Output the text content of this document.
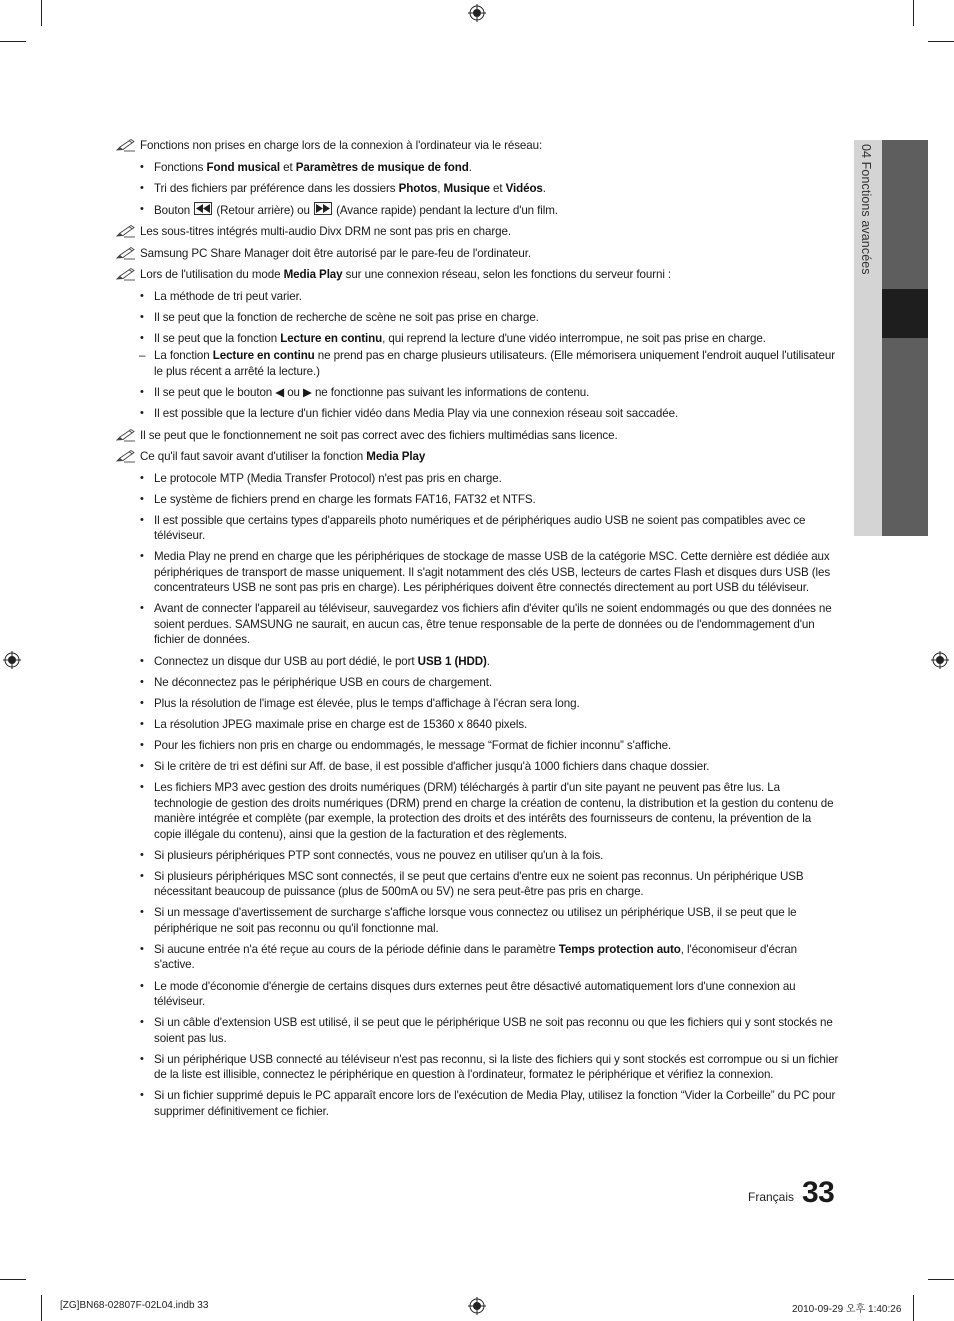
04 Fonctions avancées
Fonctions non prises en charge lors de la connexion à l'ordinateur via le réseau:
• Fonctions Fond musical et Paramètres de musique de fond.
• Tri des fichiers par préférence dans les dossiers Photos, Musique et Vidéos.
• Bouton
(Retour arrière) ou
(Avance rapide) pendant la lecture d'un film.
Les sous-titres intégrés multi-audio Divx DRM ne sont pas pris en charge.
Samsung PC Share Manager doit être autorisé par le pare-feu de l'ordinateur.
Lors de l'utilisation du mode Media Play sur une connexion réseau, selon les fonctions du serveur fourni :
• La méthode de tri peut varier.
• Il se peut que la fonction de recherche de scène ne soit pas prise en charge.
• Il se peut que la fonction Lecture en continu, qui reprend la lecture d'une vidéo interrompue, ne soit pas prise en charge.
– La fonction Lecture en continu ne prend pas en charge plusieurs utilisateurs. (Elle mémorisera uniquement l'endroit auquel l'utilisateur le plus récent a arrêté la lecture.)
• Il se peut que le bouton ◀ ou ▶ ne fonctionne pas suivant les informations de contenu.
• Il est possible que la lecture d'un fichier vidéo dans Media Play via une connexion réseau soit saccadée.
Il se peut que le fonctionnement ne soit pas correct avec des fichiers multimédias sans licence.
Ce qu'il faut savoir avant d'utiliser la fonction Media Play
• Le protocole MTP (Media Transfer Protocol) n'est pas pris en charge.
• Le système de fichiers prend en charge les formats FAT16, FAT32 et NTFS.
• Il est possible que certains types d'appareils photo numériques et de périphériques audio USB ne soient pas compatibles avec ce téléviseur.
• Media Play ne prend en charge que les périphériques de stockage de masse USB de la catégorie MSC. Cette dernière est dédiée aux périphériques de transport de masse uniquement. Il s'agit notamment des clés USB, lecteurs de cartes Flash et disques durs USB (les concentrateurs USB ne sont pas pris en charge). Les périphériques doivent être connectés directement au port USB du téléviseur.
• Avant de connecter l'appareil au téléviseur, sauvegardez vos fichiers afin d'éviter qu'ils ne soient endommagés ou que des données ne soient perdues. SAMSUNG ne saurait, en aucun cas, être tenue responsable de la perte de données ou de l'endommagement d'un fichier de données.
• Connectez un disque dur USB au port dédié, le port USB 1 (HDD).
• Ne déconnectez pas le périphérique USB en cours de chargement.
• Plus la résolution de l'image est élevée, plus le temps d'affichage à l'écran sera long.
• La résolution JPEG maximale prise en charge est de 15360 x 8640 pixels.
• Pour les fichiers non pris en charge ou endommagés, le message “Format de fichier inconnu” s'affiche.
• Si le critère de tri est défini sur Aff. de base, il est possible d'afficher jusqu'à 1000 fichiers dans chaque dossier.
• Les fichiers MP3 avec gestion des droits numériques (DRM) téléchargés à partir d'un site payant ne peuvent pas être lus. La technologie de gestion des droits numériques (DRM) prend en charge la création de contenu, la distribution et la gestion du contenu de manière intégrée et complète (par exemple, la protection des droits et des intérêts des fournisseurs de contenu, la prévention de la copie illégale du contenu), ainsi que la gestion de la facturation et des règlements.
• Si plusieurs périphériques PTP sont connectés, vous ne pouvez en utiliser qu'un à la fois.
• Si plusieurs périphériques MSC sont connectés, il se peut que certains d'entre eux ne soient pas reconnus. Un périphérique USB nécessitant beaucoup de puissance (plus de 500mA ou 5V) ne sera peut-être pas pris en charge.
• Si un message d'avertissement de surcharge s'affiche lorsque vous connectez ou utilisez un périphérique USB, il se peut que le périphérique ne soit pas reconnu ou qu'il fonctionne mal.
• Si aucune entrée n'a été reçue au cours de la période définie dans le paramètre Temps protection auto, l'économiseur d'écran s'active.
• Le mode d'économie d'énergie de certains disques durs externes peut être désactivé automatiquement lors d'une connexion au téléviseur.
• Si un câble d'extension USB est utilisé, il se peut que le périphérique USB ne soit pas reconnu ou que les fichiers qui y sont stockés ne soient pas lus.
• Si un périphérique USB connecté au téléviseur n'est pas reconnu, si la liste des fichiers qui y sont stockés est corrompue ou si un fichier de la liste est illisible, connectez le périphérique en question à l'ordinateur, formatez le périphérique et vérifiez la connexion.
• Si un fichier supprimé depuis le PC apparaît encore lors de l'exécution de Media Play, utilisez la fonction “Vider la Corbeille” du PC pour supprimer définitivement ce fichier.
Français 33
[ZG]BN68-02807F-02L04.indb 33	2010-09-29 오후 1:40:26
